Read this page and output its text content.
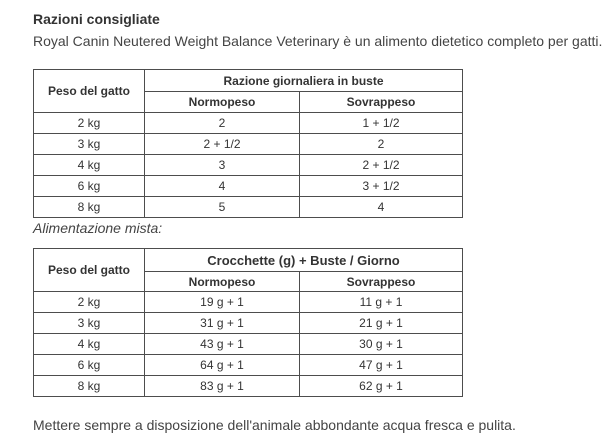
Razioni consigliate
Royal Canin Neutered Weight Balance Veterinary è un alimento dietetico completo per gatti.
Peso del gatto	Razione giornaliera in buste	
	Normopeso	Sovrappeso
2 kg	2	1 + 1/2
3 kg	2 + 1/2	2
4 kg	3	2 + 1/2
6 kg	4	3 + 1/2
8 kg	5	4
Alimentazione mista:
Peso del gatto	Crocchette (g) + Buste / Giorno	
	Normopeso	Sovrappeso
2 kg	19 g + 1	11 g + 1
3 kg	31 g + 1	21 g + 1
4 kg	43 g + 1	30 g + 1
6 kg	64 g + 1	47 g + 1
8 kg	83 g + 1	62 g + 1
Mettere sempre a disposizione dell'animale abbondante acqua fresca e pulita.
